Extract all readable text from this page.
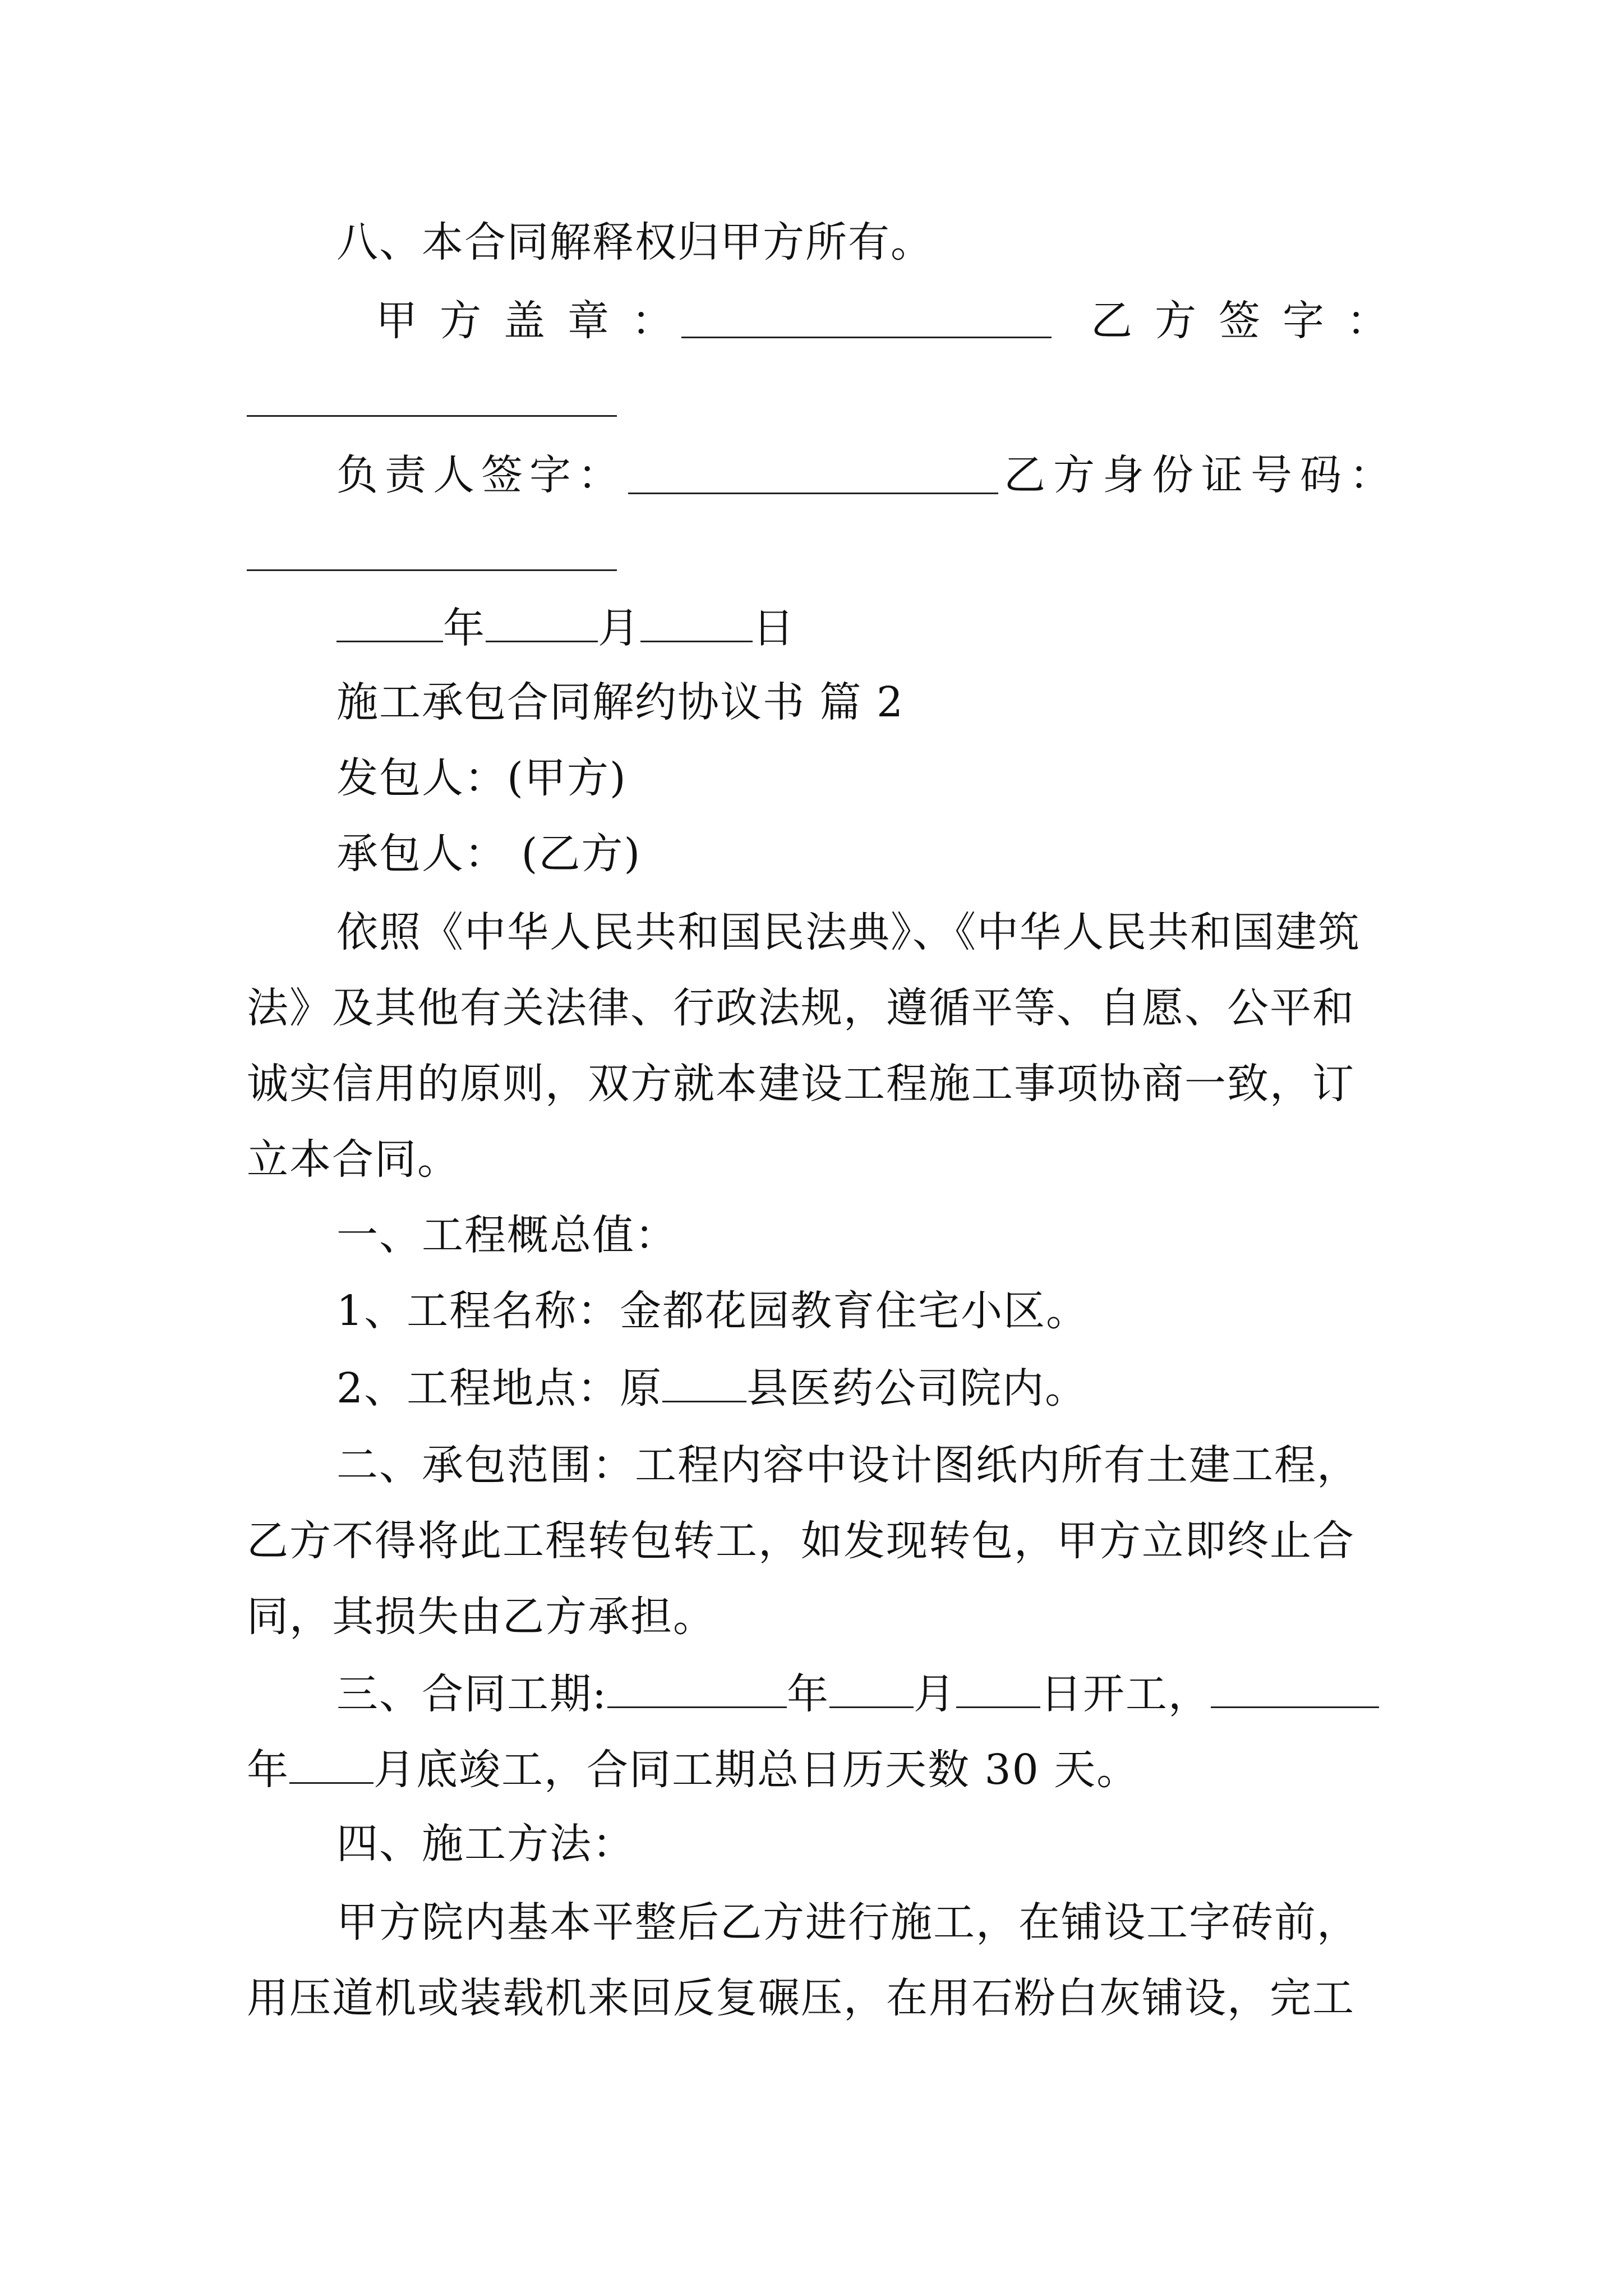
八、本合同解释权归甲方所有。
甲方盖章：	乙方签字：
负责人签字：	乙方身份证号码：
年	月	日
施工承包合同解约协议书 篇 2
发包人：(甲方)
承包人： (乙方)
依照《中华人民共和国民法典》、《中华人民共和国建筑
法》及其他有关法律、行政法规，遵循平等、自愿、公平和
诚实信用的原则，双方就本建设工程施工事项协商一致，订
立本合同。
一、工程概总值：
1、工程名称：金都花园教育住宅小区。
2、工程地点：原 县医药公司院内。
二、承包范围：工程内容中设计图纸内所有土建工程，
乙方不得将此工程转包转工，如发现转包，甲方立即终止合
同，其损失由乙方承担。
三、合同工期:	年 月 日开工，
年 月底竣工，合同工期总日历天数 30 天。
四、施工方法：
甲方院内基本平整后乙方进行施工，在铺设工字砖前，
用压道机或装载机来回反复碾压，在用石粉白灰铺设，完工
